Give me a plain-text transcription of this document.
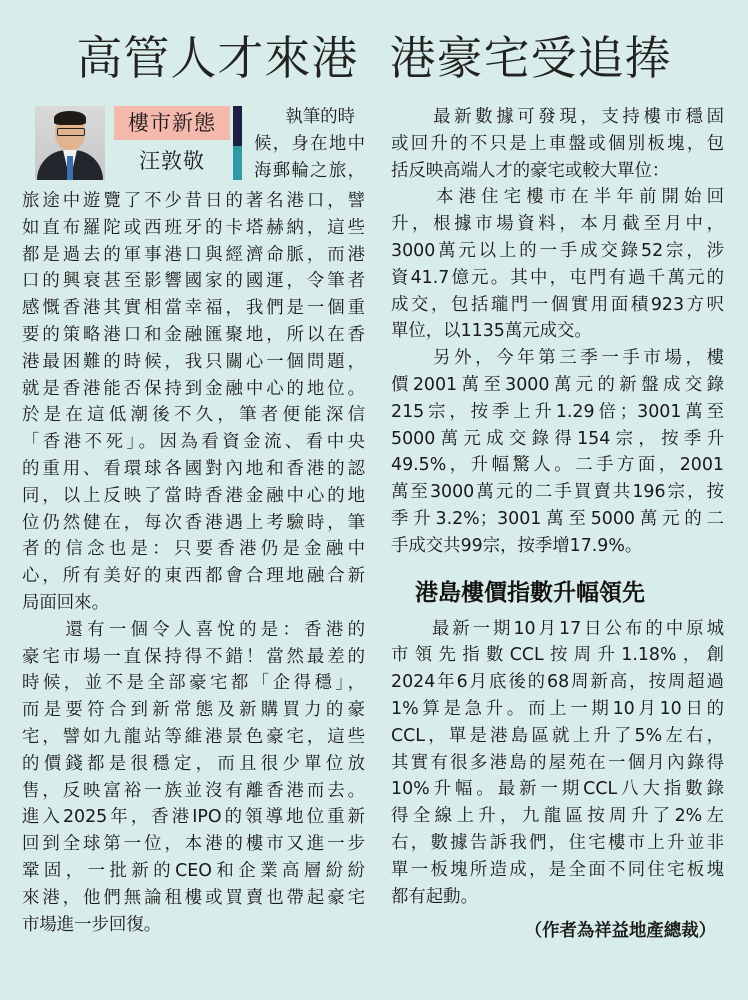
高管人才來港  港豪宅受追捧
樓市新態
汪敦敬
執筆的時
候，身在地中
海郵輪之旅，
旅途中遊覽了不少昔日的著名港口，譬
如直布羅陀或西班牙的卡塔赫納，這些
都是過去的軍事港口與經濟命脈，而港
口的興衰甚至影響國家的國運，令筆者
感慨香港其實相當幸福，我們是一個重
要的策略港口和金融匯聚地，所以在香
港最困難的時候，我只關心一個問題，
就是香港能否保持到金融中心的地位。
於是在這低潮後不久，筆者便能深信
「香港不死」。因為看資金流、看中央
的重用、看環球各國對內地和香港的認
同，以上反映了當時香港金融中心的地
位仍然健在，每次香港遇上考驗時，筆
者的信念也是：只要香港仍是金融中
心，所有美好的東西都會合理地融合新
局面回來。
　　還有一個令人喜悅的是：香港的
豪宅市場一直保持得不錯！當然最差的
時候，並不是全部豪宅都「企得穩」，
而是要符合到新常態及新購買力的豪
宅，譬如九龍站等維港景色豪宅，這些
的價錢都是很穩定，而且很少單位放
售，反映富裕一族並沒有離香港而去。
進入2025年，香港IPO的領導地位重新
回到全球第一位，本港的樓市又進一步
鞏固，一批新的CEO和企業高層紛紛
來港，他們無論租樓或買賣也帶起豪宅
市場進一步回復。
　　最新數據可發現，支持樓市穩固
或回升的不只是上車盤或個別板塊，包
括反映高端人才的豪宅或較大單位：
　　本港住宅樓市在半年前開始回
升，根據市場資料，本月截至月中，
3000萬元以上的一手成交錄52宗，涉
資41.7億元。其中，屯門有過千萬元的
成交，包括瓏門一個實用面積923方呎
單位，以1135萬元成交。
　　另外，今年第三季一手市場，樓
價2001萬至3000萬元的新盤成交錄
215宗，按季上升1.29倍；3001萬至
5000萬元成交錄得154宗，按季升
49.5%，升幅驚人。二手方面，2001
萬至3000萬元的二手買賣共196宗，按
季升3.2%；3001萬至5000萬元的二
手成交共99宗，按季增17.9%。
港島樓價指數升幅領先
　　最新一期10月17日公布的中原城
市領先指數CCL按周升1.18%，創
2024年6月底後的68周新高，按周超過
1%算是急升。而上一期10月10日的
CCL，單是港島區就上升了5%左右，
其實有很多港島的屋苑在一個月內錄得
10%升幅。最新一期CCL八大指數錄
得全線上升，九龍區按周升了2%左
右，數據告訴我們，住宅樓市上升並非
單一板塊所造成，是全面不同住宅板塊
都有起動。
（作者為祥益地產總裁）
